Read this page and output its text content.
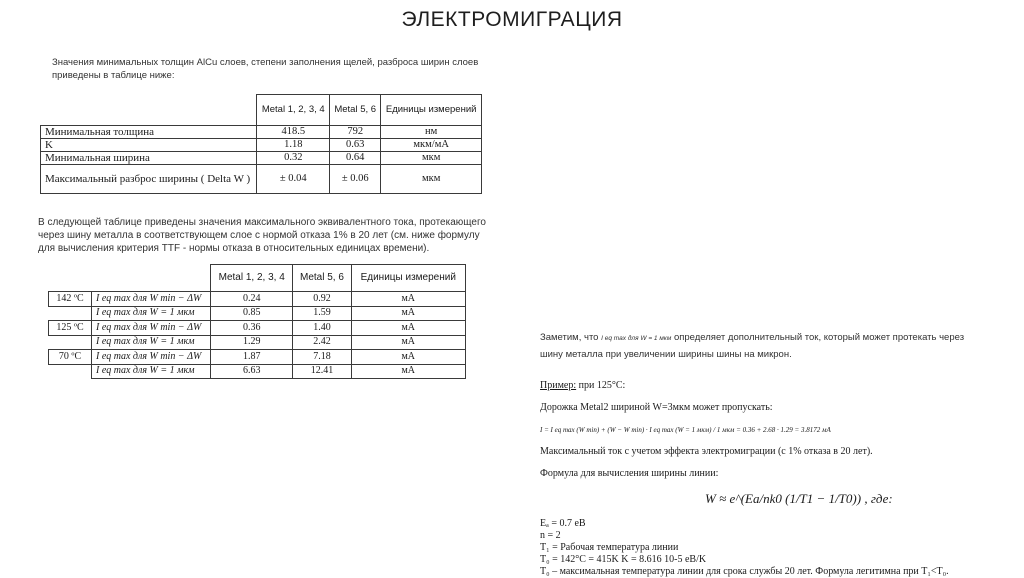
ЭЛЕКТРОМИГРАЦИЯ
Значения минимальных толщин AlCu слоев, степени заполнения щелей, разброса ширин слоев приведены в таблице ниже:
	Metal 1, 2, 3, 4	Metal 5, 6	Единицы измерений
Минимальная толщина	418.5	792	нм
K	1.18	0.63	мкм/мА
Минимальная ширина	0.32	0.64	мкм
Максимальный разброс ширины ( Delta W )	± 0.04	± 0.06	мкм
В следующей таблице приведены значения максимального эквивалентного тока, протекающего через шину металла в соответствующем слое с нормой отказа 1% в 20 лет (см. ниже формулу для вычисления критерия TTF - нормы отказа в относительных единицах времени).
		Metal 1, 2, 3, 4	Metal 5, 6	Единицы измерений
142 ºC	I eq max для W min − ΔW	0.24	0.92	мА
	I eq max для W = 1 мкм	0.85	1.59	мА
125 ºC	I eq max для W min − ΔW	0.36	1.40	мА
	I eq max для W = 1 мкм	1.29	2.42	мА
70 ºC	I eq max для W min − ΔW	1.87	7.18	мА
	I eq max для W = 1 мкм	6.63	12.41	мА
Заметим, что I eq max для W = 1 мкм определяет дополнительный ток, который может протекать через шину металла при увеличении ширины шины на микрон.

Пример: при 125°C:

Дорожка Metal2 шириной W=3мкм может пропускать:

I = I eq max (W min) + (W − W min) · I eq max (W = 1 мкм) / 1 мкм = 0.36 + 2.68 · 1.29 = 3.8172 мА

Максимальный ток с учетом эффекта электромиграции (с 1% отказа в 20 лет).

Формула для вычисления ширины линии:

W ≈ e^(Ea/nk0 (1/T1 − 1/T0)) , где:

Eₐ = 0.7 eB

n = 2

T₁ = Рабочая температура линии

T₀ = 142°C = 415K K = 8.616 10-5 eB/K

T₀ – максимальная температура линии для срока службы 20 лет. Формула легитимна при T₁<T₀.
